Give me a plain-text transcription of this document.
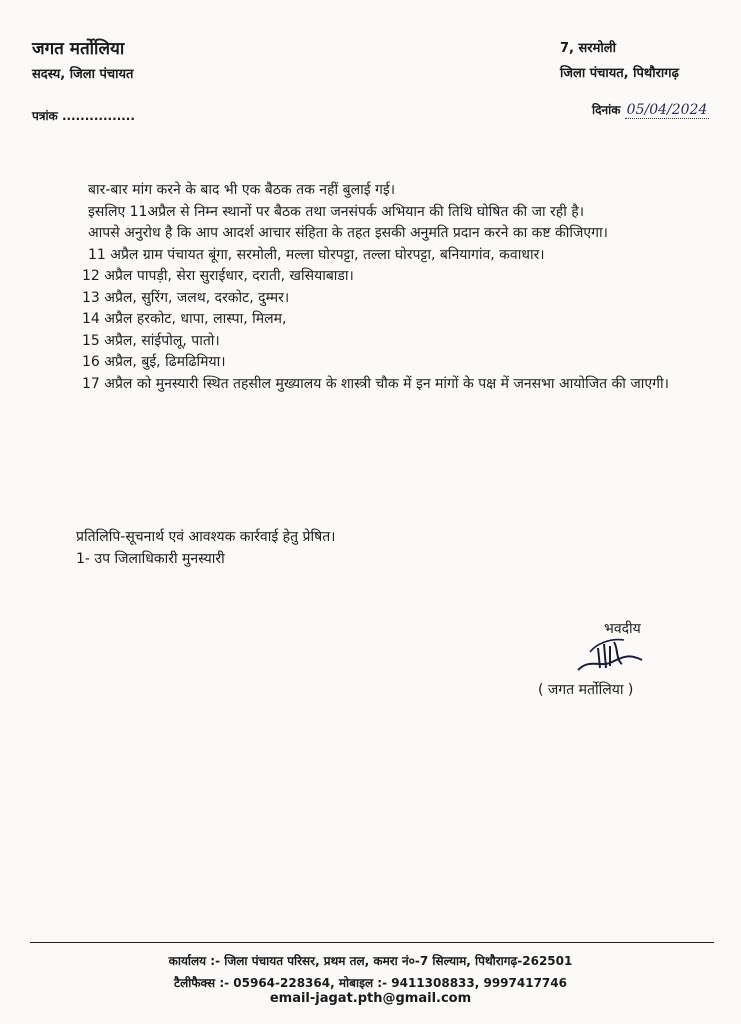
जगत मर्तोलिया
सदस्य, जिला पंचायत
7, सरमोली
जिला पंचायत, पिथौरागढ़
पत्रांक ................	दिनांक 05/04/2024

बार-बार मांग करने के बाद भी एक बैठक तक नहीं बुलाई गई।

इसलिए 11अप्रैल से निम्न स्थानों पर बैठक तथा जनसंपर्क अभियान की तिथि घोषित की जा रही है।

आपसे अनुरोध है कि आप आदर्श आचार संहिता के तहत इसकी अनुमति प्रदान करने का कष्ट कीजिएगा।

11 अप्रैल ग्राम पंचायत बूंगा, सरमोली, मल्ला घोरपट्टा, तल्ला घोरपट्टा, बनियागांव, कवाधार।

12 अप्रैल पापड़ी, सेरा सुराईधार, दराती, खसियाबाडा।

13 अप्रैल, सुरिंग, जलथ, दरकोट, दुम्मर।

14 अप्रैल हरकोट, धापा, लास्पा, मिलम,

15 अप्रैल, सांईपोलू, पातो।

16 अप्रैल, बुई, ढिमढिमिया।

17 अप्रैल को मुनस्यारी स्थित तहसील मुख्यालय के शास्त्री चौक में इन मांगों के पक्ष में जनसभा आयोजित की जाएगी।

प्रतिलिपि-सूचनार्थ एवं आवश्यक कार्रवाई हेतु प्रेषित।

1- उप जिलाधिकारी मुनस्यारी

भवदीय
( जगत मर्तोलिया )
कार्यालय :- जिला पंचायत परिसर, प्रथम तल, कमरा नं०-7 सिल्याम, पिथौरागढ़-262501
टैलीफैक्स :- 05964-228364, मोबाइल :- 9411308833, 9997417746
email-jagat.pth@gmail.com
